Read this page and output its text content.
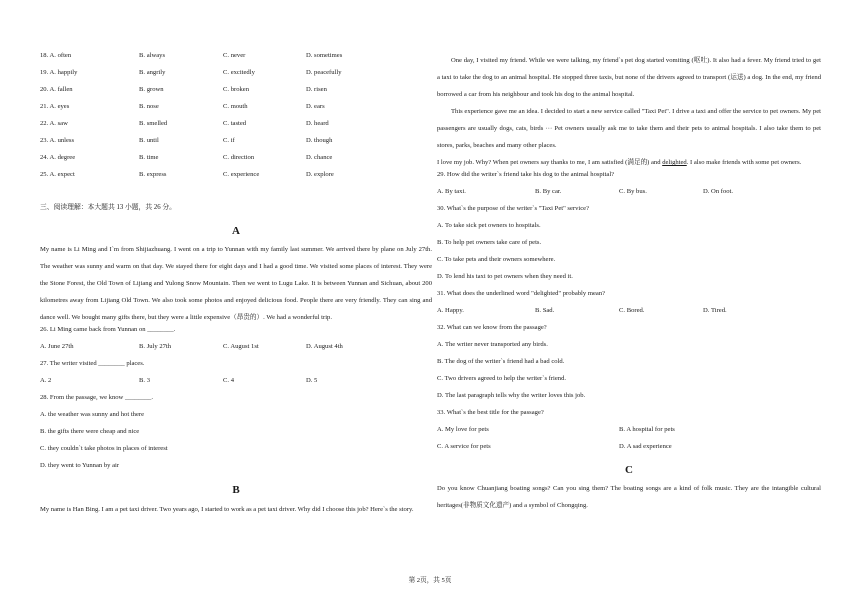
18. A. often	B. always	C. never	D. sometimes
19. A. happily	B. angrily	C. excitedly	D. peacefully
20. A. fallen	B. grown	C. broken	D. risen
21. A. eyes	B. nose	C. mouth	D. ears
22. A. saw	B. smelled	C. tasted	D. heard
23. A. unless	B. until	C. if	D. though
24. A. degree	B. time	C. direction	D. chance
25. A. expect	B. express	C. experience	D. explore
三、阅读理解：本大题共 13 小题，共 26 分。
A
My name is Li Ming and I`m from Shijiazhuang. I went on a trip to Yunnan with my family last summer. We arrived there by plane on July 27th. The weather was sunny and warm on that day. We stayed there for eight days and I had a good time. We visited some places of interest. They were the Stone Forest, the Old Town of Lijiang and Yulong Snow Mountain. Then we went to Lugu Lake. It is between Yunnan and Sichuan, about 200 kilometres away from Lijiang Old Town. We also took some photos and enjoyed delicious food. People there are very friendly. They can sing and dance well. We bought many gifts there, but they were a little expensive（昂贵的）. We had a wonderful trip.
26. Li Ming came back from Yunnan on ________.
A. June 27th	B. July 27th	C. August 1st	D. August 4th
27. The writer visited ________ places.
A. 2	B. 3	C. 4	D. 5
28. From the passage, we know ________.
A. the weather was sunny and hot there
B. the gifts there were cheap and nice
C. they couldn`t take photos in places of interest
D. they went to Yunnan by air
B
My name is Han Bing. I am a pet taxi driver. Two years ago, I started to work as a pet taxi driver. Why did I choose this job? Here`s the story.
One day, I visited my friend. While we were talking, my friend`s pet dog started vomiting (呕吐). It also had a fever. My friend tried to get a taxi to take the dog to an animal hospital. He stopped three taxis, but none of the drivers agreed to transport (运送) a dog. In the end, my friend borrowed a car from his neighbour and took his dog to the animal hospital.
This experience gave me an idea. I decided to start a new service called "Taxi Pet". I drive a taxi and offer the service to pet owners. My pet passengers are usually dogs, cats, birds ··· Pet owners usually ask me to take them and their pets to animal hospitals. I also take them to pet stores, parks, beaches and many other places.
I love my job. Why? When pet owners say thanks to me, I am satisfied (满足的) and delighted. I also make friends with some pet owners.
29. How did the writer`s friend take his dog to the animal hospital?
A. By taxi.	B. By car.	C. By bus.	D. On foot.
30. What`s the purpose of the writer`s "Taxi Pet" service?
A. To take sick pet owners to hospitals.
B. To help pet owners take care of pets.
C. To take pets and their owners somewhere.
D. To lend his taxi to pet owners when they need it.
31. What does the underlined word "delighted" probably mean?
A. Happy.	B. Sad.	C. Bored.	D. Tired.
32. What can we know from the passage?
A. The writer never transported any birds.
B. The dog of the writer`s friend had a bad cold.
C. Two drivers agreed to help the writer`s friend.
D. The last paragraph tells why the writer loves this job.
33. What`s the best title for the passage?
A. My love for pets	B. A hospital for pets
C. A service for pets	D. A sad experience
C
Do you know Chuanjiang boating songs? Can you sing them? The boating songs are a kind of folk music. They are the intangible cultural heritages(非物质文化遗产) and a symbol of Chongqing.
第 2页，共 5页
